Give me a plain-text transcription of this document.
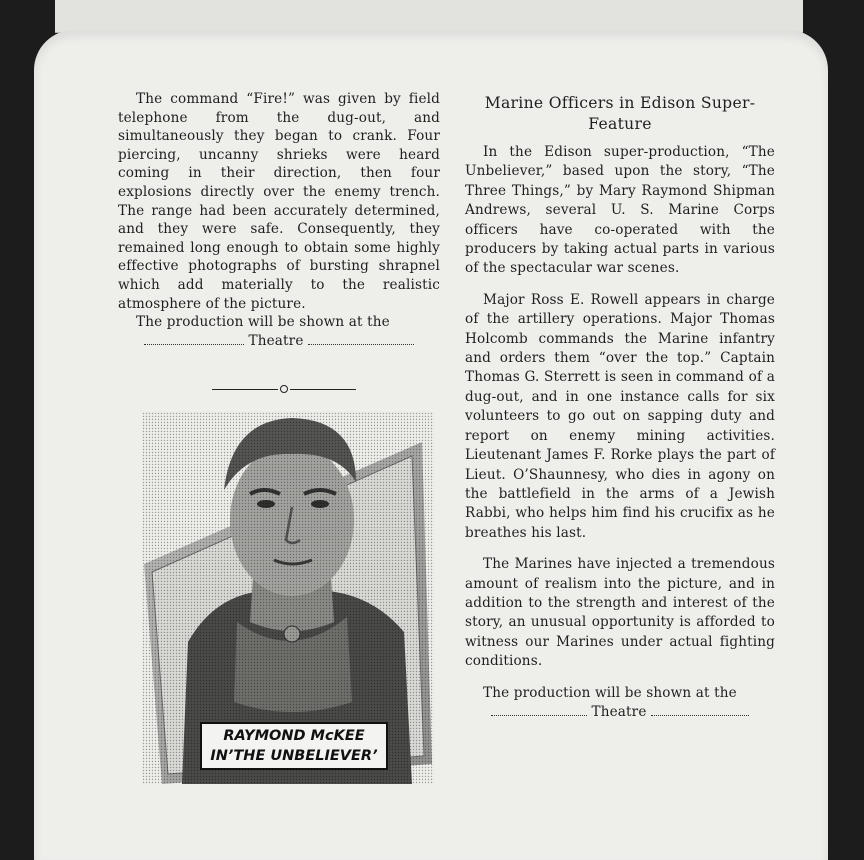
The command “Fire!” was given by field telephone from the dug-out, and simultaneously they began to crank. Four piercing, uncanny shrieks were heard coming in their direction, then four explosions directly over the enemy trench. The range had been accurately determined, and they were safe. Consequently, they remained long enough to obtain some highly effective photographs of bursting shrapnel which add materially to the realistic atmosphere of the picture.

The production will be shown at the

Theatre

RAYMOND McKEE
IN’THE UNBELIEVER’
Marine Officers in Edison Super-Feature

In the Edison super-production, “The Unbeliever,” based upon the story, “The Three Things,” by Mary Raymond Shipman Andrews, several U. S. Marine Corps officers have co-operated with the producers by taking actual parts in various of the spectacular war scenes.

Major Ross E. Rowell appears in charge of the artillery operations. Major Thomas Holcomb commands the Marine infantry and orders them “over the top.” Captain Thomas G. Sterrett is seen in command of a dug-out, and in one instance calls for six volunteers to go out on sapping duty and report on enemy mining activities. Lieutenant James F. Rorke plays the part of Lieut. O’Shaunnesy, who dies in agony on the battlefield in the arms of a Jewish Rabbi, who helps him find his crucifix as he breathes his last.

The Marines have injected a tremendous amount of realism into the picture, and in addition to the strength and interest of the story, an unusual opportunity is afforded to witness our Marines under actual fighting conditions.

The production will be shown at the

Theatre
